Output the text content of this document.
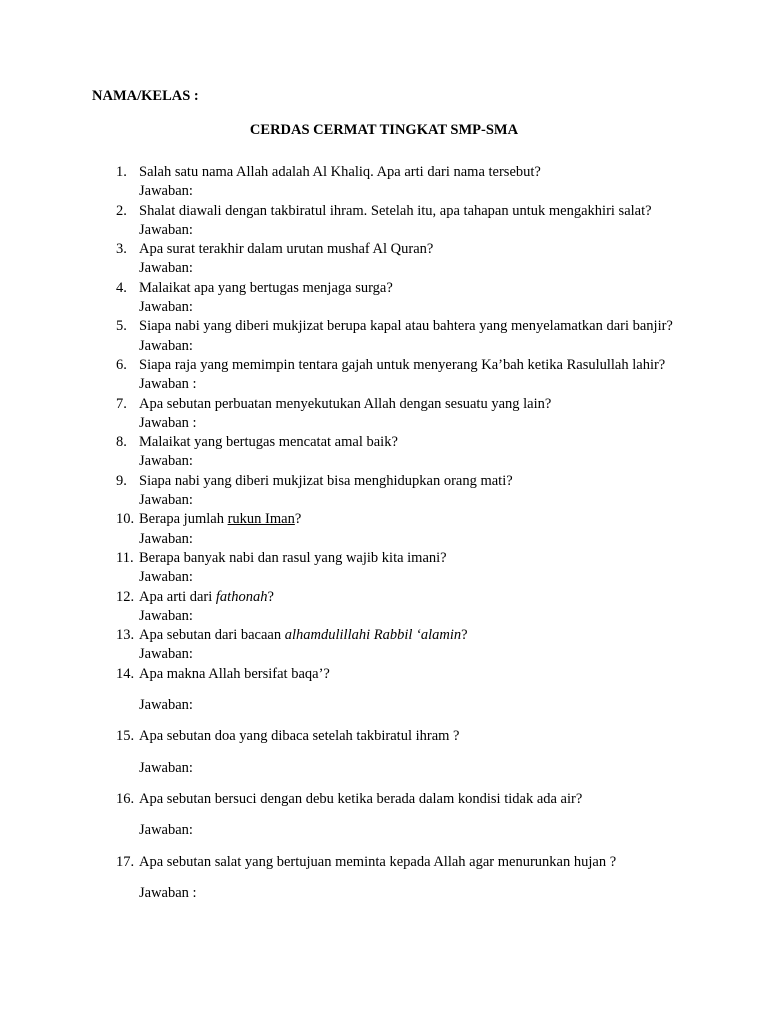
NAMA/KELAS :
CERDAS CERMAT TINGKAT SMP-SMA
1. Salah satu nama Allah adalah Al Khaliq. Apa arti dari nama tersebut?
Jawaban:
2. Shalat diawali dengan takbiratul ihram. Setelah itu, apa tahapan untuk mengakhiri salat?
Jawaban:
3. Apa surat terakhir dalam urutan mushaf Al Quran?
Jawaban:
4. Malaikat apa yang bertugas menjaga surga?
Jawaban:
5. Siapa nabi yang diberi mukjizat berupa kapal atau bahtera yang menyelamatkan dari banjir?
Jawaban:
6. Siapa raja yang memimpin tentara gajah untuk menyerang Ka’bah ketika Rasulullah lahir?
Jawaban :
7. Apa sebutan perbuatan menyekutukan Allah dengan sesuatu yang lain?
Jawaban :
8. Malaikat yang bertugas mencatat amal baik?
Jawaban:
9. Siapa nabi yang diberi mukjizat bisa menghidupkan orang mati?
Jawaban:
10. Berapa jumlah rukun Iman?
Jawaban:
11. Berapa banyak nabi dan rasul yang wajib kita imani?
Jawaban:
12. Apa arti dari fathonah?
Jawaban:
13. Apa sebutan dari bacaan alhamdulillahi Rabbil ‘alamin?
Jawaban:
14. Apa makna Allah bersifat baqa’?
Jawaban:
15. Apa sebutan doa yang dibaca setelah takbiratul ihram ?
Jawaban:
16. Apa sebutan bersuci dengan debu ketika berada dalam kondisi tidak ada air?
Jawaban:
17. Apa sebutan salat yang bertujuan meminta kepada Allah agar menurunkan hujan ?
Jawaban :
